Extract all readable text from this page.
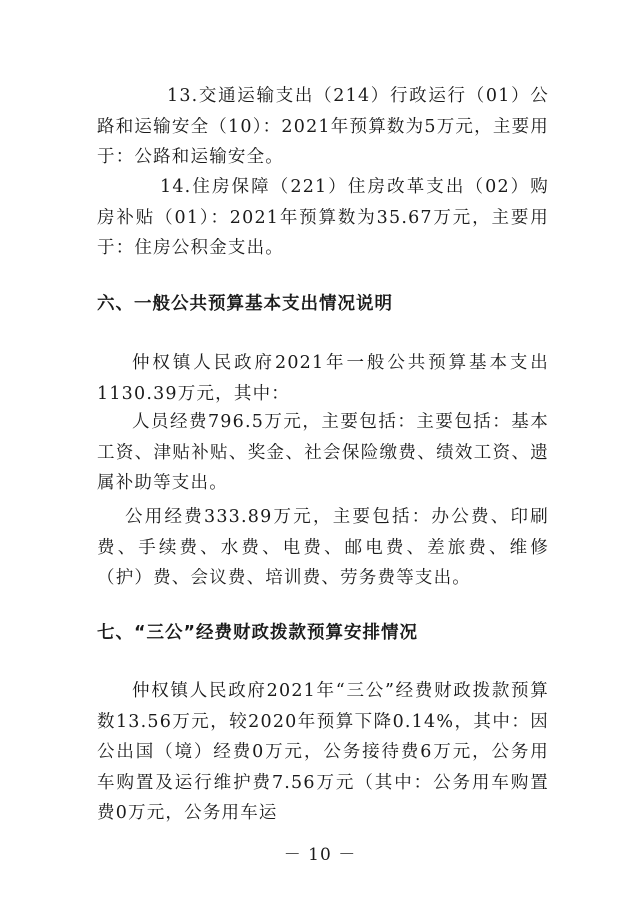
13.交通运输支出（214）行政运行（01）公路和运输安全（10）：2021年预算数为5万元，主要用于：公路和运输安全。

14.住房保障（221）住房改革支出（02）购房补贴（01）：2021年预算数为35.67万元，主要用于：住房公积金支出。

六、一般公共预算基本支出情况说明

仲权镇人民政府2021年一般公共预算基本支出1130.39万元，其中：

人员经费796.5万元，主要包括：主要包括：基本工资、津贴补贴、奖金、社会保险缴费、绩效工资、遗属补助等支出。

公用经费333.89万元，主要包括：办公费、印刷费、手续费、水费、电费、邮电费、差旅费、维修（护）费、会议费、培训费、劳务费等支出。

七、“三公”经费财政拨款预算安排情况

仲权镇人民政府2021年“三公”经费财政拨款预算数13.56万元，较2020年预算下降0.14%，其中：因公出国（境）经费0万元，公务接待费6万元，公务用车购置及运行维护费7.56万元（其中：公务用车购置费0万元，公务用车运

－ 10 －
